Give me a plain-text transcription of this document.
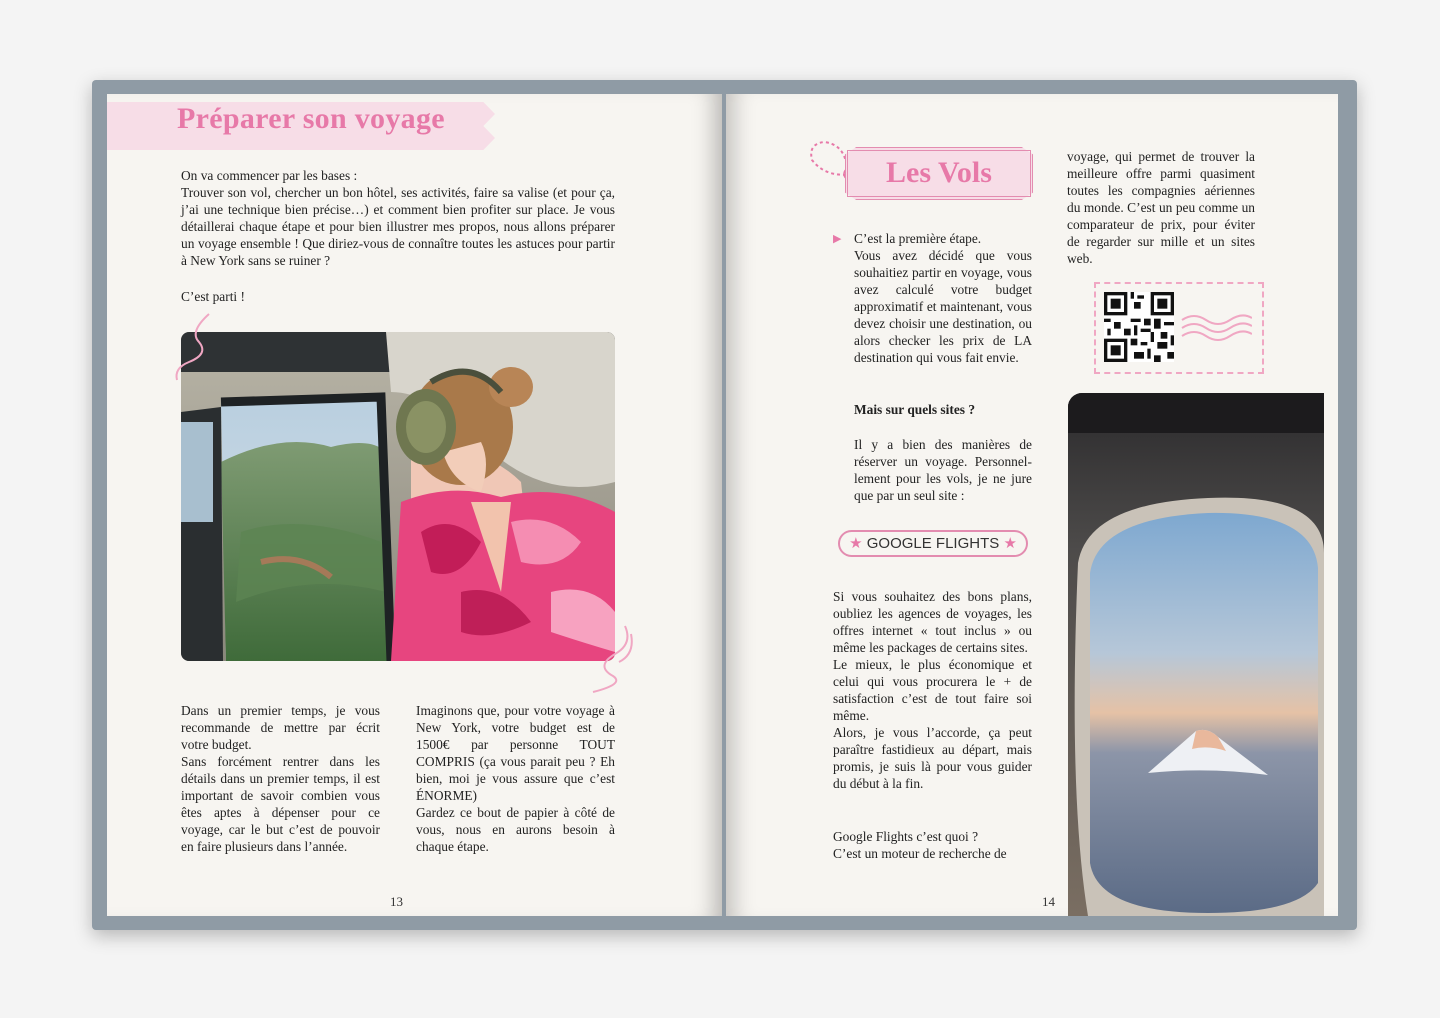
Préparer son voyage

On va commencer par les bases :

Trouver son vol, chercher un bon hôtel, ses activités, faire sa valise (et pour ça, j’ai une technique bien précise…) et comment bien profiter sur place. Je vous détaillerai chaque étape et pour bien illustrer mes propos, nous allons préparer un voyage ensemble ! Que diriez-vous de connaître toutes les astuces pour partir à New York sans se ruiner ?

C’est parti !
Dans un premier temps, je vous recommande de mettre par écrit votre budget.
Sans forcément rentrer dans les détails dans un premier temps, il est important de savoir combien vous êtes aptes à dépenser pour ce voyage, car le but c’est de pouvoir en faire plusieurs dans l’année.
Imaginons que, pour votre voyage à New York, votre budget est de 1500€ par personne TOUT COMPRIS (ça vous parait peu ? Eh bien, moi je vous assure que c’est ÉNORME)
Gardez ce bout de papier à côté de vous, nous en aurons besoin à chaque étape.
13
Les Vols
▶ C’est la première étape.
Vous avez décidé que vous souhaitiez partir en voyage, vous avez calculé votre budget approximatif et maintenant, vous devez choisir une destination, ou alors checker les prix de LA destination qui vous fait envie.
Mais sur quels sites ?
Il y a bien des manières de réserver un voyage. Personnel-lement pour les vols, je ne jure que par un seul site :
★ GOOGLE FLIGHTS ★
Si vous souhaitez des bons plans, oubliez les agences de voyages, les offres internet « tout inclus » ou même les packages de certains sites.
Le mieux, le plus économique et celui qui vous procurera le + de satisfaction c’est de tout faire soi même.
Alors, je vous l’accorde, ça peut paraître fastidieux au départ, mais promis, je suis là pour vous guider du début à la fin.
Google Flights c’est quoi ?
C’est un moteur de recherche de
voyage, qui permet de trouver la meilleure offre parmi quasiment toutes les compagnies aériennes du monde. C’est un peu comme un comparateur de prix, pour éviter de regarder sur mille et un sites web.
14
